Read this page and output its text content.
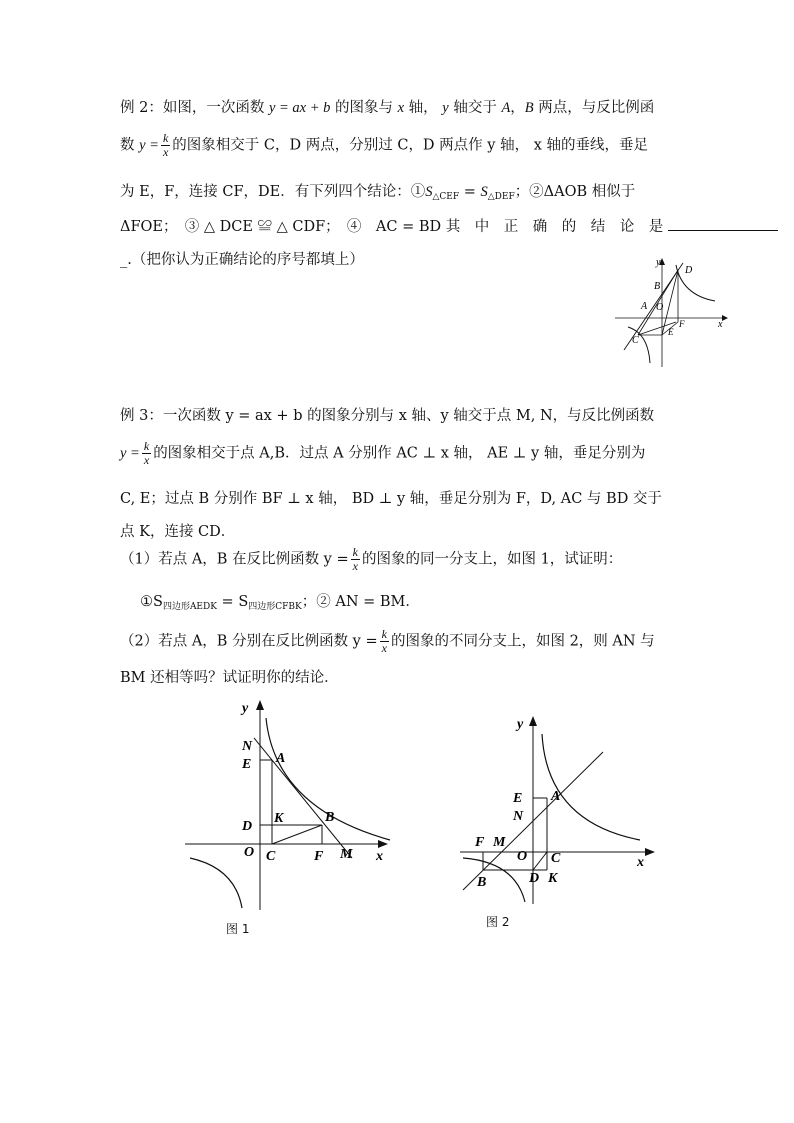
例 2：如图，一次函数 y = ax + b 的图象与 x 轴， y 轴交于 A，B 两点，与反比例函
数 $y = \frac{k}{x}$ 的图象相交于 C，D 两点，分别过 C，D 两点作 y 轴， x 轴的垂线，垂足
为 E，F，连接 CF，DE．有下列四个结论：$①S_{\triangle CEF} = S_{\triangle DEF}$；②ΔAOB 相似于
ΔFOE；　③ △ DCE ≌ △ CDF；　④　AC = BD 其　中　正　确　的　结　论　是
_.（把你认为正确结论的序号都填上）	y
x
D
B
A O
F
E
C
例 3：一次函数 y = ax + b 的图象分别与 x 轴、y 轴交于点 M, N，与反比例函数
$y = \frac{k}{x}$ 的图象相交于点 A,B．过点 A 分别作 AC ⊥ x 轴， AE ⊥ y 轴，垂足分别为
C, E；过点 B 分别作 BF ⊥ x 轴， BD ⊥ y 轴，垂足分别为 F，D, AC 与 BD 交于
点 K，连接 CD．
（1）若点 A，B 在反比例函数 $y = \frac{k}{x}$ 的图象的同一分支上，如图 1，试证明：
$①S_{四边形AEDK} = S_{四边形CFBK}$；② AN = BM．
（2）若点 A，B 分别在反比例函数 $y = \frac{k}{x}$ 的图象的不同分支上，如图 2，则 AN 与
BM 还相等吗？试证明你的结论．
y
x
N
E A
D
K	B
O C	F M
图 1
y
x
E A
N
F M
O C
B	D K
图 2
